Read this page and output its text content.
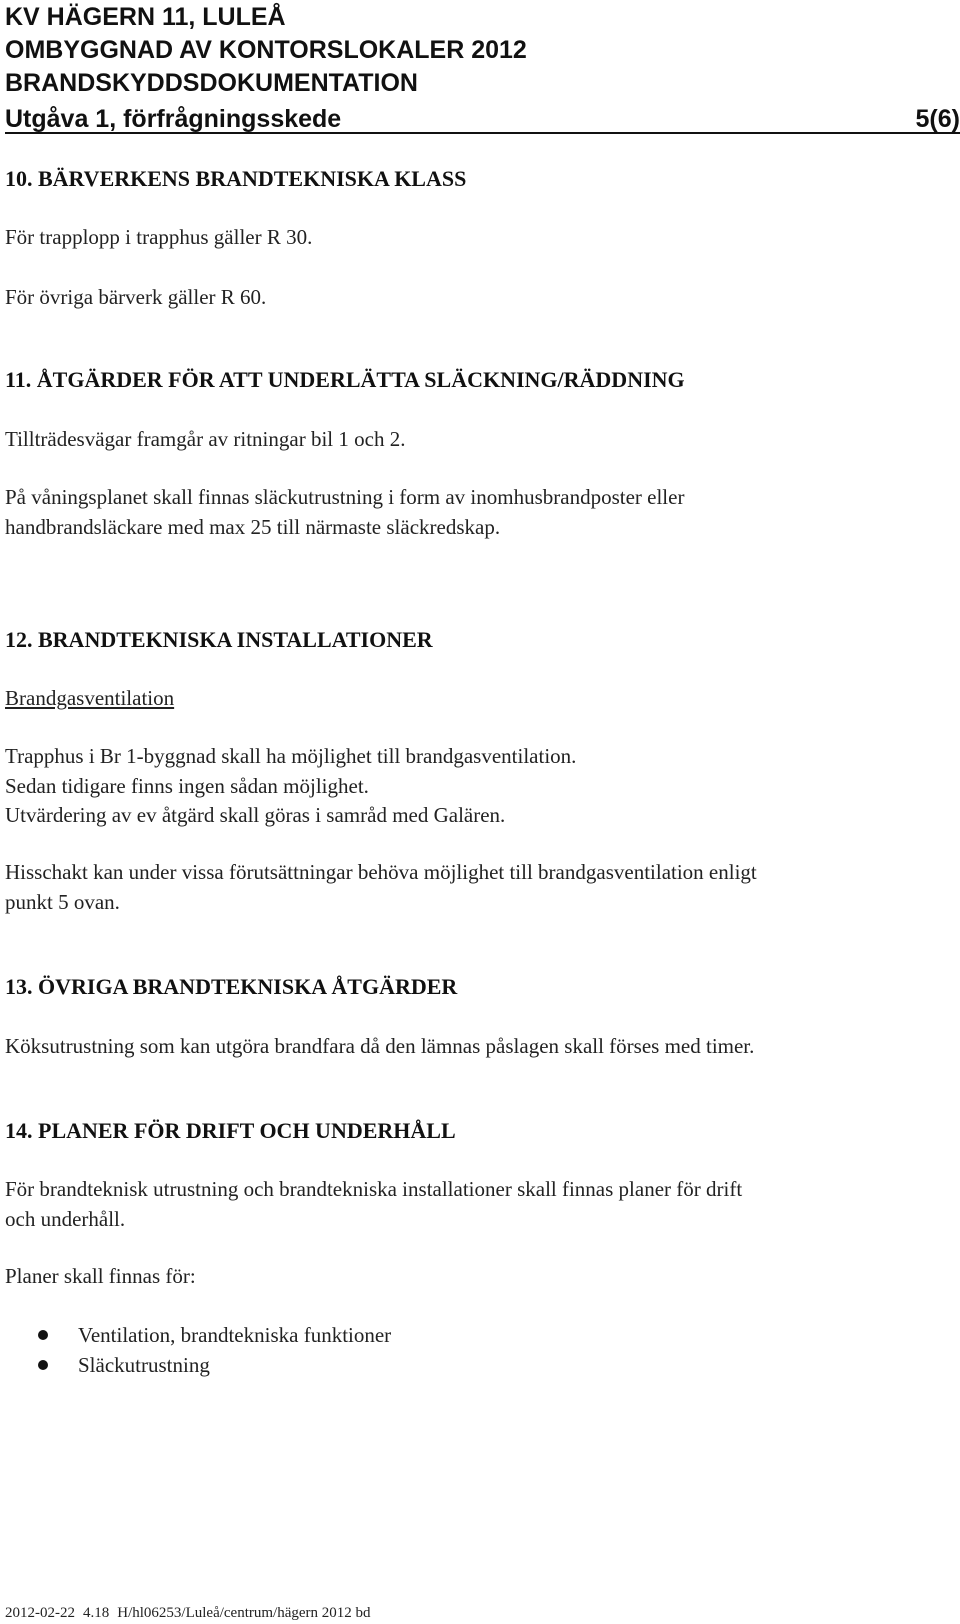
KV HÄGERN 11, LULEÅ
OMBYGGNAD AV KONTORSLOKALER 2012
BRANDSKYDDSDOKUMENTATION
Utgåva 1, förfrågningsskede	5(6)
10. BÄRVERKENS BRANDTEKNISKA KLASS
För trapplopp i trapphus gäller R 30.
För övriga bärverk gäller R 60.
11. ÅTGÄRDER FÖR ATT UNDERLÄTTA SLÄCKNING/RÄDDNING
Tillträdesvägar framgår av ritningar bil 1 och 2.
På våningsplanet skall finnas släckutrustning i form av inomhusbrandposter eller
handbrandsläckare med max 25 till närmaste släckredskap.
12. BRANDTEKNISKA INSTALLATIONER
Brandgasventilation
Trapphus i Br 1-byggnad skall ha möjlighet till brandgasventilation.
Sedan tidigare finns ingen sådan möjlighet.
Utvärdering av ev åtgärd skall göras i samråd med Galären.
Hisschakt kan under vissa förutsättningar behöva möjlighet till brandgasventilation enligt
punkt 5 ovan.
13. ÖVRIGA BRANDTEKNISKA ÅTGÄRDER
Köksutrustning som kan utgöra brandfara då den lämnas påslagen skall förses med timer.
14. PLANER FÖR DRIFT OCH UNDERHÅLL
För brandteknisk utrustning och brandtekniska installationer skall finnas planer för drift
och underhåll.
Planer skall finnas för:
Ventilation, brandtekniska funktioner
Släckutrustning
2012-02-22 4.18 H/hl06253/Luleå/centrum/hägern 2012 bd
